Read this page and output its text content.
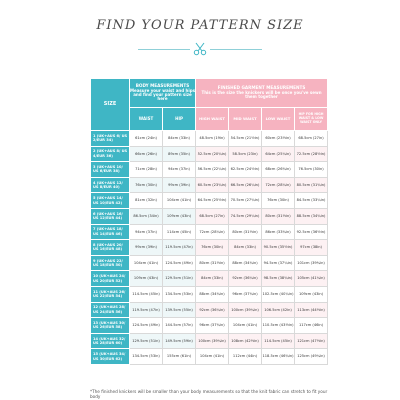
FIND YOUR PATTERN SIZE
SIZE	BODY MEASUREMENTS
Measure your waist and hips and find your pattern size here		FINISHED GARMENT MEASUREMENTS
This is the size the knickers will be once you've sewn them together			
	WAIST	HIP	HIGH WAIST	MID WAIST	LOW WAIST	HIP FOR HIGH WAIST & LOW WAIST ONLY
1 (UK+AUS 6/ US 2/EUR 34)	61cm (24in)	84cm (33in)	48.5cm (19in)	54.5cm (21½in)	60cm (23½in)	68.5cm (27in)
2 (UK+AUS 8/ US 4/EUR 36)	66cm (26in)	89cm (35in)	52.5cm (20¾in)	58.5cm (23in)	64cm (25¼in)	72.5cm (28½in)
3 (UK+AUS 10/ US 6/EUR 38)	71cm (28in)	94cm (37in)	56.5cm (22¼in)	62.5cm (24½in)	68cm (26¾in)	76.5cm (30in)
4 (UK+AUS 12/ US 8/EUR 40)	76cm (30in)	99cm (39in)	60.5cm (23¾in)	66.5cm (26¼in)	72cm (28¼in)	80.5cm (31¾in)
5 (UK+AUS 14/ US 10/EUR 42)	81cm (32in)	104cm (41in)	64.5cm (25½in)	70.5cm (27¾in)	76cm (30in)	84.5cm (33¼in)
6 (UK+AUS 16/ US 12/EUR 44)	86.5cm (34in)	109cm (43in)	68.5cm (27in)	74.5cm (29¼in)	80cm (31½in)	88.5cm (34¾in)
7 (UK+AUS 18/ US 14/EUR 46)	94cm (37in)	114cm (45in)	72cm (28¼in)	80cm (31½in)	86cm (33¾in)	92.5cm (36½in)
8 (UK+AUS 20/ US 16/EUR 48)	99cm (39in)	119.5cm (47in)	76cm (30in)	84cm (33in)	90.5cm (35½in)	97cm (38in)
9 (UK+AUS 22/ US 18/EUR 50)	104cm (41in)	124.5cm (49in)	80cm (31½in)	88cm (34¾in)	94.5cm (37¼in)	101cm (39¾in)
10 (UK+AUS 24/ US 20/EUR 52)	109cm (43in)	129.5cm (51in)	84cm (33in)	92cm (36¼in)	98.5cm (38¾in)	105cm (41¼in)
11 (UK+AUS 26/ US 22/EUR 54)	114.5cm (45in)	134.5cm (53in)	88cm (34¾in)	96cm (37¾in)	102.5cm (40¼in)	109cm (43in)
12 (UK+AUS 28/ US 24/EUR 56)	119.5cm (47in)	139.5cm (55in)	92cm (36¼in)	100cm (39¼in)	106.5cm (42in)	113cm (44½in)
13 (UK+AUS 30/ US 26/EUR 58)	124.5cm (49in)	144.5cm (57in)	96cm (37¾in)	104cm (41in)	110.5cm (43½in)	117cm (46in)
14 (UK+AUS 32/ US 28/EUR 60)	129.5cm (51in)	149.5cm (59in)	100cm (39¼in)	108cm (42½in)	114.5cm (45in)	121cm (47½in)
15 (UK+AUS 34/ US 30/EUR 62)	134.5cm (53in)	155cm (61in)	104cm (41in)	112cm (44in)	118.5cm (46¾in)	125cm (49¼in)
*The finished knickers will be smaller than your body measurements so that the knit fabric can stretch to fit your body
